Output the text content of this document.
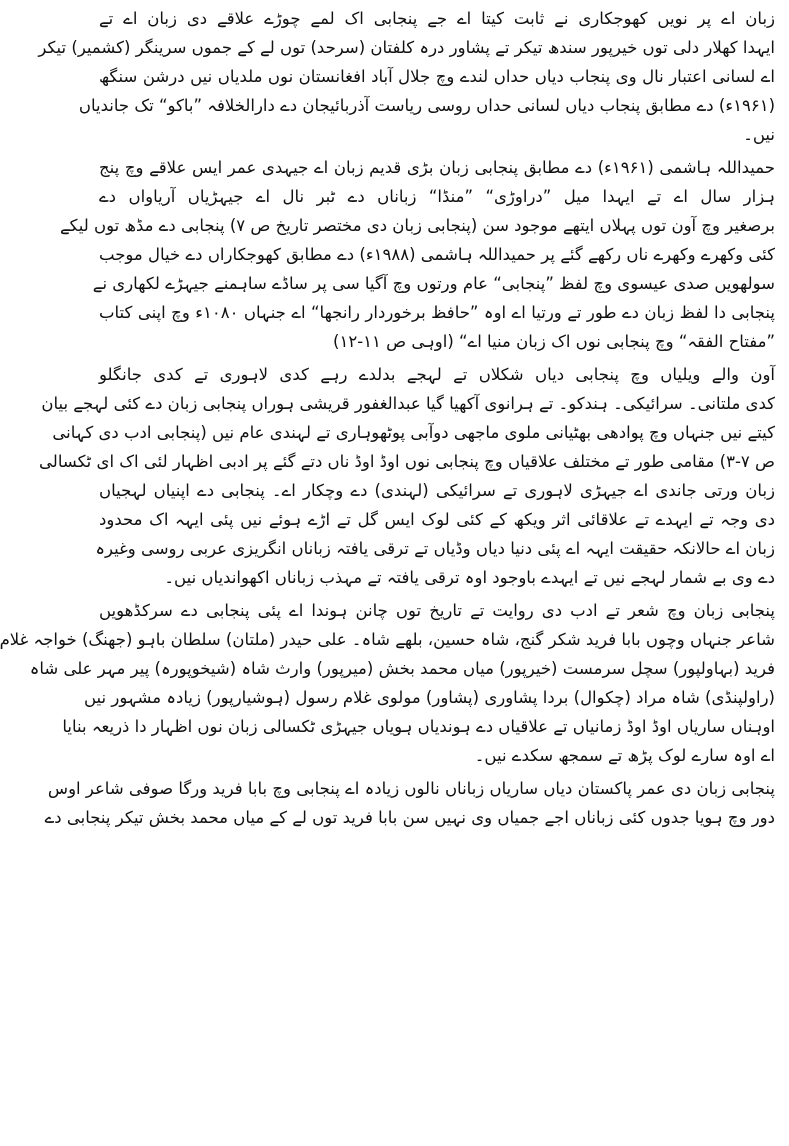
زبان اے پر نویں کھوجکاری نے ثابت کیتا اے جے پنجابی اک لمے چوڑے علاقے دی زبان اے تے
ایہدا کھلار دلی توں خیرپور سندھ تیکر تے پشاور درہ کلفتان (سرحد) توں لے کے جموں سرینگر (کشمیر) تیکر
اے لسانی اعتبار نال وی پنجاب دیاں حداں لندے وچ جلال آباد افغانستان نوں ملدیاں نیں درشن سنگھ
(۱۹۶۱ء) دے مطابق پنجاب دیاں لسانی حداں روسی ریاست آذربائیجان دے دارالخلافہ ”باکو“ تک جاندیاں
نیں۔
حمیداللہ ہاشمی (۱۹۶۱ء) دے مطابق پنجابی زبان بڑی قدیم زبان اے جیہدی عمر ایس علاقے وچ پنج
ہزار سال اے تے ایہدا میل ”دراوڑی“ ”منڈا“ زباناں دے ٹبر نال اے جیہڑیاں آریاواں دے
برصغیر وچ آون توں پہلاں ایتھے موجود سن (پنجابی زبان دی مختصر تاریخ ص ۷) پنجابی دے مڈھ توں لیکے
کئی وکھرے وکھرے ناں رکھے گئے پر حمیداللہ ہاشمی (۱۹۸۸ء) دے مطابق کھوجکاراں دے خیال موجب
سولھویں صدی عیسوی وچ لفظ ”پنجابی“ عام ورتوں وچ آگیا سی پر ساڈے ساہمنے جیہڑے لکھاری نے
پنجابی دا لفظ زبان دے طور تے ورتیا اے اوہ ”حافظ برخوردار رانجھا“ اے جنہاں ۱۰۸۰ء وچ اپنی کتاب
”مفتاح الفقہ“ وچ پنجابی نوں اک زبان منیا اے“ (اوہی ص ۱۱-۱۲)
آون والے ویلیاں وچ پنجابی دیاں شکلاں تے لہجے بدلدے رہے کدی لاہوری تے کدی جانگلو
کدی ملتانی۔ سرائیکی۔ ہندکو۔ تے ہرانوی آکھیا گیا عبدالغفور قریشی ہوراں پنجابی زبان دے کئی لہجے بیان
کیتے نیں جنہاں وچ پوادھی بھٹیانی ملوی ماجھی دوآبی پوٹھوہاری تے لہندی عام نیں (پنجابی ادب دی کہانی
ص ۷-۳) مقامی طور تے مختلف علاقیاں وچ پنجابی نوں اوڈ اوڈ ناں دتے گئے پر ادبی اظہار لئی اک ای ٹکسالی
زبان ورتی جاندی اے جیہڑی لاہوری تے سرائیکی (لہندی) دے وچکار اے۔ پنجابی دے اپنیاں لہجیاں
دی وجہ تے ایہدے تے علاقائی اثر ویکھ کے کئی لوک ایس گل تے اڑے ہوئے نیں پئی ایہہ اک محدود
زبان اے حالانکہ حقیقت ایہہ اے پئی دنیا دیاں وڈیاں تے ترقی یافتہ زباناں انگریزی عربی روسی وغیرہ
دے وی بے شمار لہجے نیں تے ایہدے باوجود اوہ ترقی یافتہ تے مہذب زباناں اکھواندیاں نیں۔
پنجابی زبان وچ شعر تے ادب دی روایت تے تاریخ توں چانن ہوندا اے پئی پنجابی دے سرکڈھویں
شاعر جنہاں وچوں بابا فرید شکر گنج، شاہ حسین، بلھے شاہ۔ علی حیدر (ملتان) سلطان باہو (جھنگ) خواجہ غلام
فرید (بہاولپور) سچل سرمست (خیرپور) میاں محمد بخش (میرپور) وارث شاہ (شیخوپورہ) پیر مہر علی شاہ
(راولپنڈی) شاہ مراد (چکوال) بردا پشاوری (پشاور) مولوی غلام رسول (ہوشیارپور) زیادہ مشہور نیں
اوہناں ساریاں اوڈ اوڈ زمانیاں تے علاقیاں دے ہوندیاں ہویاں جیہڑی ٹکسالی زبان نوں اظہار دا ذریعہ بنایا
اے اوہ سارے لوک پڑھ تے سمجھ سکدے نیں۔
پنجابی زبان دی عمر پاکستان دیاں ساریاں زباناں نالوں زیادہ اے پنجابی وچ بابا فرید ورگا صوفی شاعر اوس
دور وچ ہویا جدوں کئی زباناں اجے جمیاں وی نہیں سن بابا فرید توں لے کے میاں محمد بخش تیکر پنجابی دے
